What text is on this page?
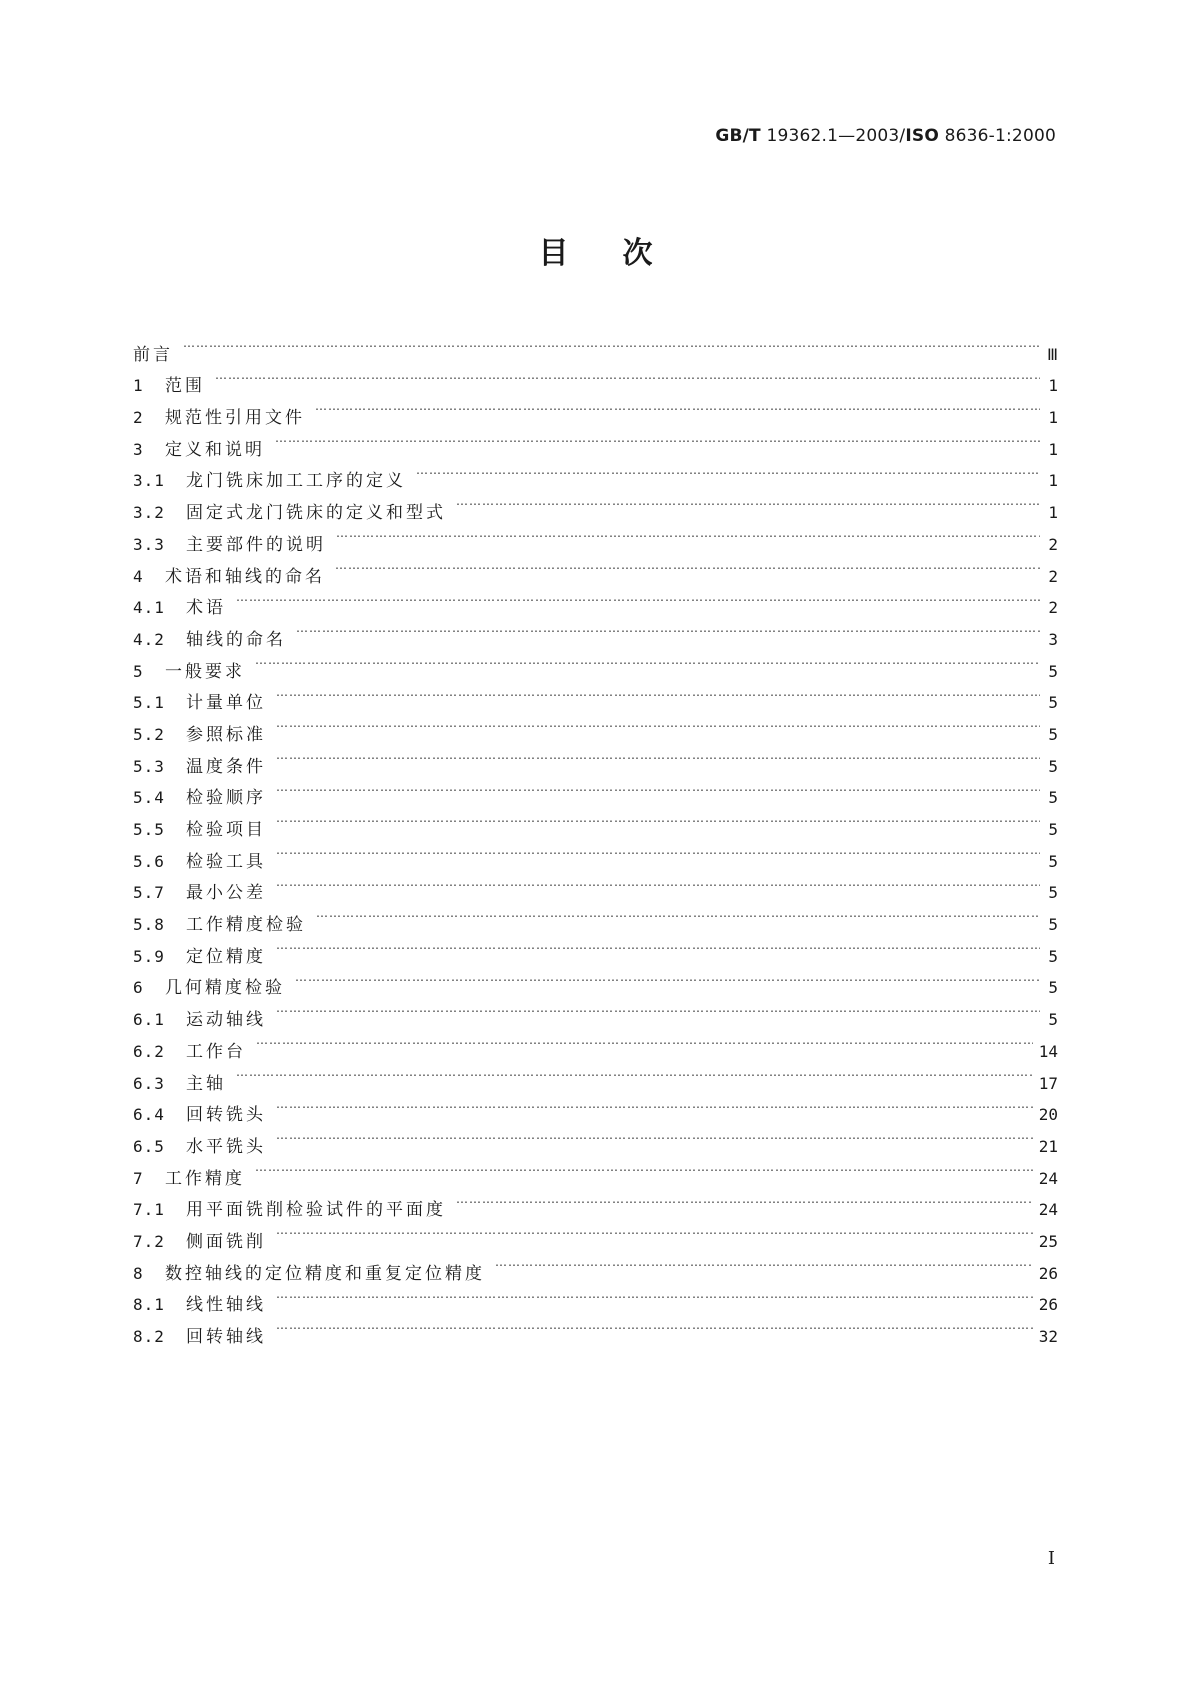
GB/T 19362.1—2003/ISO 8636-1:2000
目次
前言 ………………………………………………………………………………………………………………………………………………………………………………………………………………………………………………	Ⅲ
1	范围 ………………………………………………………………………………………………………………………………………………………………………………………………………………………………………………	1
2	规范性引用文件 ………………………………………………………………………………………………………………………………………………………………………………………………………………………………………………	1
3	定义和说明 ………………………………………………………………………………………………………………………………………………………………………………………………………………………………………………	1
3.1	龙门铣床加工工序的定义 ………………………………………………………………………………………………………………………………………………………………………………………………………………………………………………	1
3.2	固定式龙门铣床的定义和型式 ………………………………………………………………………………………………………………………………………………………………………………………………………………………………………………	1
3.3	主要部件的说明 ………………………………………………………………………………………………………………………………………………………………………………………………………………………………………………	2
4	术语和轴线的命名 ………………………………………………………………………………………………………………………………………………………………………………………………………………………………………………	2
4.1	术语 ………………………………………………………………………………………………………………………………………………………………………………………………………………………………………………	2
4.2	轴线的命名 ………………………………………………………………………………………………………………………………………………………………………………………………………………………………………………	3
5	一般要求 ………………………………………………………………………………………………………………………………………………………………………………………………………………………………………………	5
5.1	计量单位 ………………………………………………………………………………………………………………………………………………………………………………………………………………………………………………	5
5.2	参照标准 ………………………………………………………………………………………………………………………………………………………………………………………………………………………………………………	5
5.3	温度条件 ………………………………………………………………………………………………………………………………………………………………………………………………………………………………………………	5
5.4	检验顺序 ………………………………………………………………………………………………………………………………………………………………………………………………………………………………………………	5
5.5	检验项目 ………………………………………………………………………………………………………………………………………………………………………………………………………………………………………………	5
5.6	检验工具 ………………………………………………………………………………………………………………………………………………………………………………………………………………………………………………	5
5.7	最小公差 ………………………………………………………………………………………………………………………………………………………………………………………………………………………………………………	5
5.8	工作精度检验 ………………………………………………………………………………………………………………………………………………………………………………………………………………………………………………	5
5.9	定位精度 ………………………………………………………………………………………………………………………………………………………………………………………………………………………………………………	5
6	几何精度检验 ………………………………………………………………………………………………………………………………………………………………………………………………………………………………………………	5
6.1	运动轴线 ………………………………………………………………………………………………………………………………………………………………………………………………………………………………………………	5
6.2	工作台 ………………………………………………………………………………………………………………………………………………………………………………………………………………………………………………	14
6.3	主轴 ………………………………………………………………………………………………………………………………………………………………………………………………………………………………………………	17
6.4	回转铣头 ………………………………………………………………………………………………………………………………………………………………………………………………………………………………………………	20
6.5	水平铣头 ………………………………………………………………………………………………………………………………………………………………………………………………………………………………………………	21
7	工作精度 ………………………………………………………………………………………………………………………………………………………………………………………………………………………………………………	24
7.1	用平面铣削检验试件的平面度 ………………………………………………………………………………………………………………………………………………………………………………………………………………………………………………	24
7.2	侧面铣削 ………………………………………………………………………………………………………………………………………………………………………………………………………………………………………………	25
8	数控轴线的定位精度和重复定位精度 ………………………………………………………………………………………………………………………………………………………………………………………………………………………………………………	26
8.1	线性轴线 ………………………………………………………………………………………………………………………………………………………………………………………………………………………………………………	26
8.2	回转轴线 ………………………………………………………………………………………………………………………………………………………………………………………………………………………………………………	32
Ⅰ
